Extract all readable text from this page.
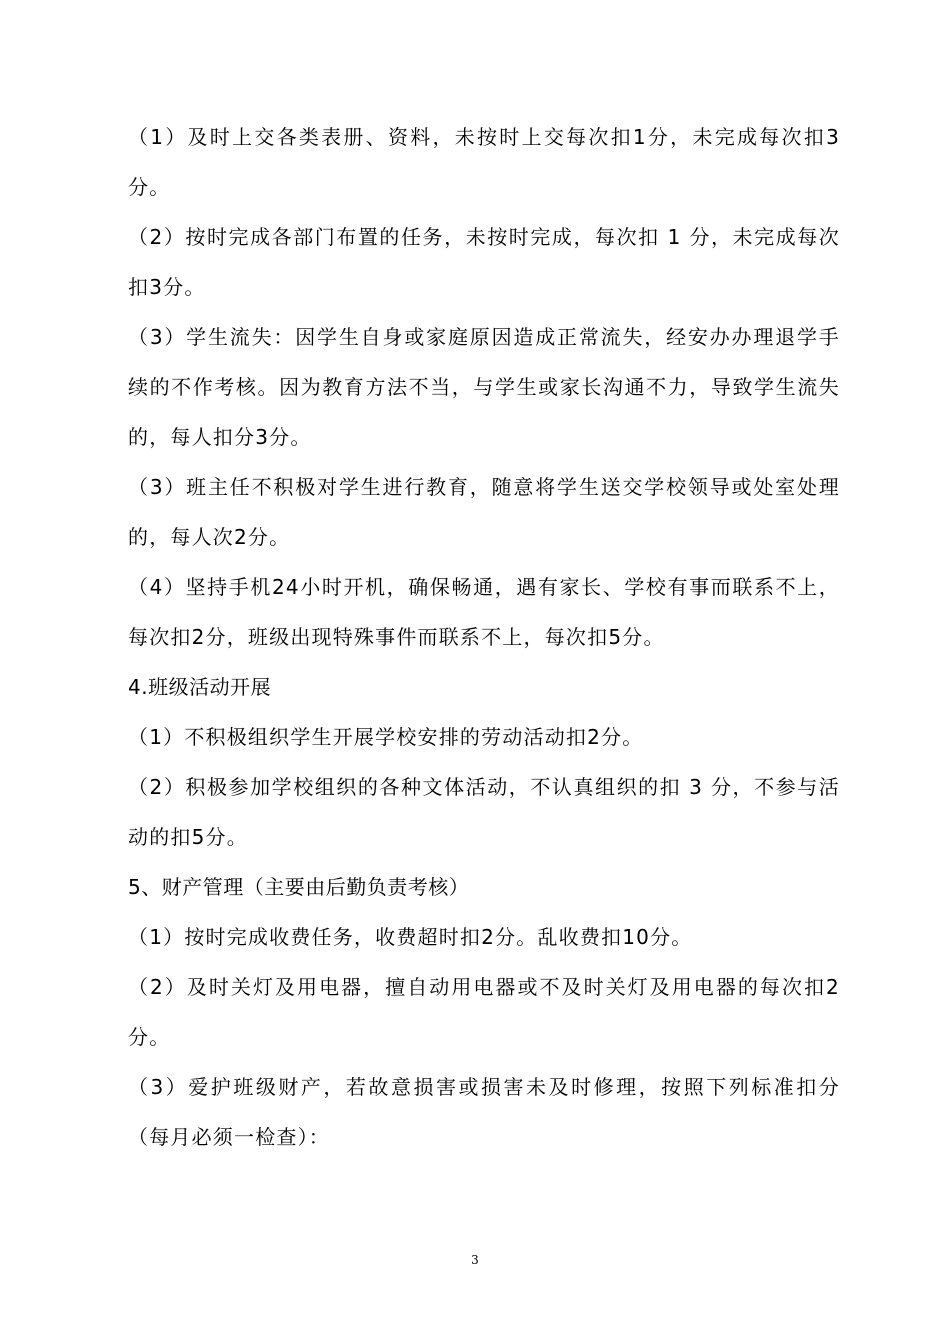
（1）及时上交各类表册、资料，未按时上交每次扣1分，未完成每次扣3分。

（2）按时完成各部门布置的任务，未按时完成，每次扣 1 分，未完成每次扣3分。

（3）学生流失：因学生自身或家庭原因造成正常流失，经安办办理退学手续的不作考核。因为教育方法不当，与学生或家长沟通不力，导致学生流失的，每人扣分3分。

（3）班主任不积极对学生进行教育，随意将学生送交学校领导或处室处理的，每人次2分。

（4）坚持手机24小时开机，确保畅通，遇有家长、学校有事而联系不上，每次扣2分，班级出现特殊事件而联系不上，每次扣5分。

4.班级活动开展

（1）不积极组织学生开展学校安排的劳动活动扣2分。

（2）积极参加学校组织的各种文体活动，不认真组织的扣 3 分，不参与活动的扣5分。

5、财产管理（主要由后勤负责考核）

（1）按时完成收费任务，收费超时扣2分。乱收费扣10分。

（2）及时关灯及用电器，擅自动用电器或不及时关灯及用电器的每次扣2分。

（3）爱护班级财产，若故意损害或损害未及时修理，按照下列标准扣分（每月必须一检查）：

3
